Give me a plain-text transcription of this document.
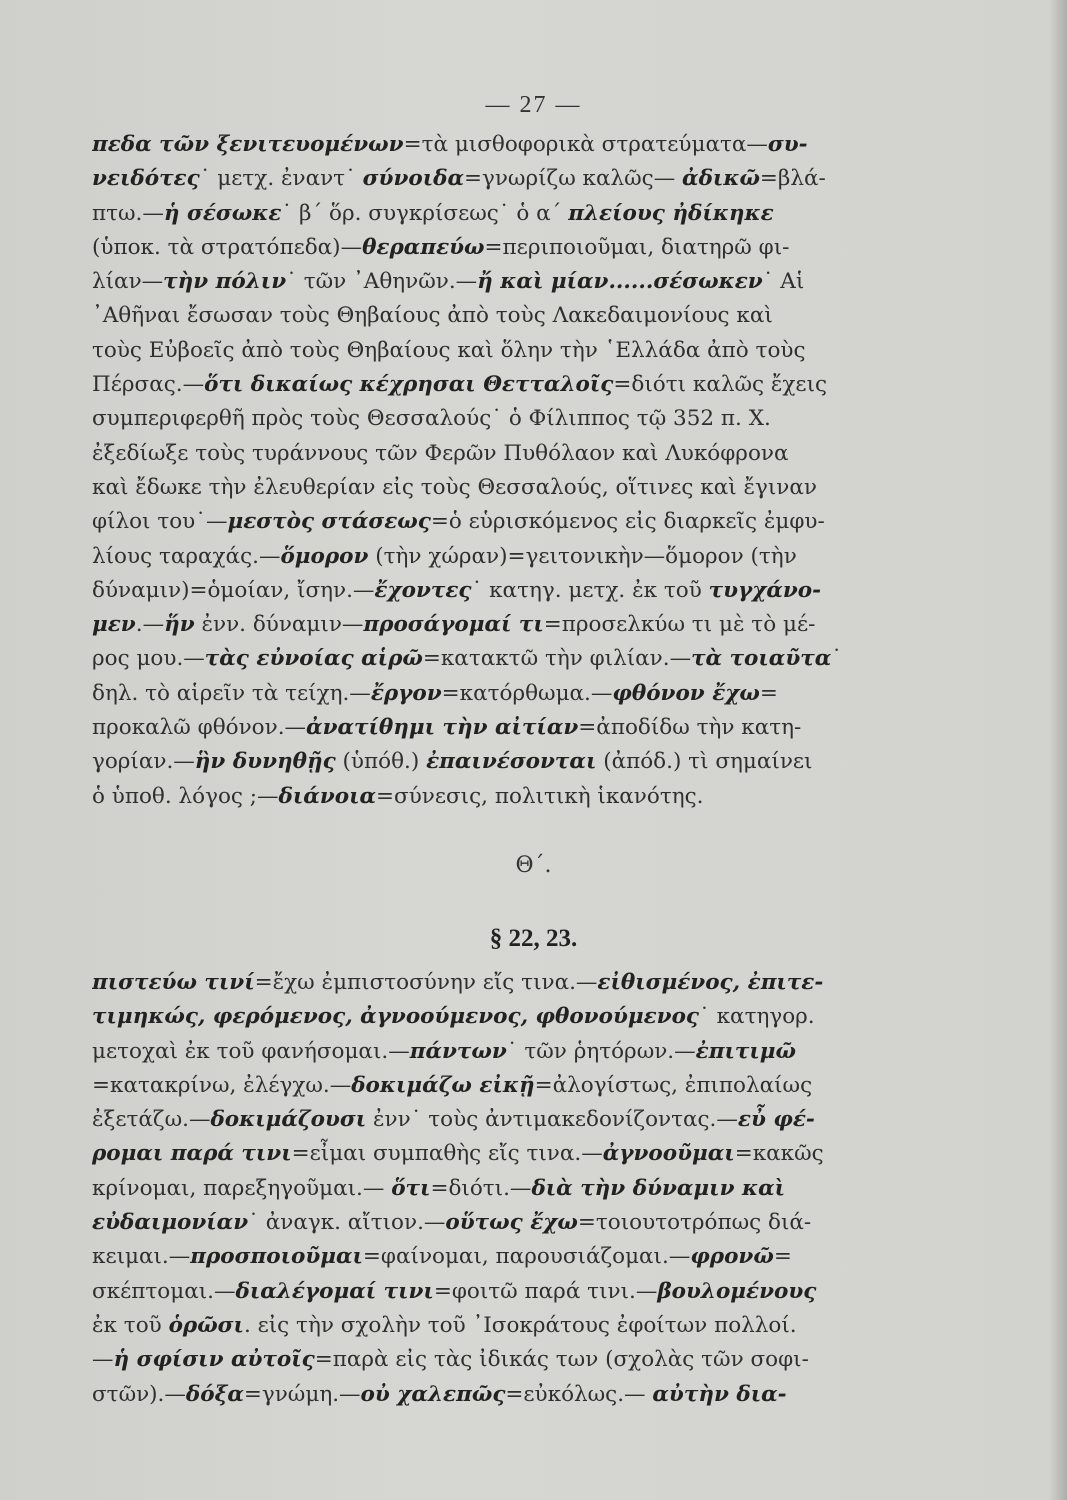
— 27 —
πεδα τῶν ξενιτευομένων=τὰ μισθοφορικὰ στρατεύματα—συ-
νειδότες˙ μετχ. ἐναντ˙ σύνοιδα=γνωρίζω καλῶς— ἀδικῶ=βλά-
πτω.—ἡ σέσωκε˙ β΄ ὅρ. συγκρίσεως˙ ὁ α΄ πλείους ἠδίκηκε
(ὑποκ. τὰ στρατόπεδα)—θεραπεύω=περιποιοῦμαι, διατηρῶ φι-
λίαν—τὴν πόλιν˙ τῶν ᾽Αθηνῶν.—ἤ καὶ μίαν......σέσωκεν˙ Αἱ
᾽Αθῆναι ἔσωσαν τοὺς Θηβαίους ἀπὸ τοὺς Λακεδαιμονίους καὶ
τοὺς Εὐβοεῖς ἀπὸ τοὺς Θηβαίους καὶ ὅλην τὴν ῾Ελλάδα ἀπὸ τοὺς
Πέρσας.—ὅτι δικαίως κέχρησαι Θετταλοῖς=διότι καλῶς ἔχεις
συμπεριφερθῆ πρὸς τοὺς Θεσσαλούς˙ ὁ Φίλιππος τῷ 352 π. Χ.
ἐξεδίωξε τοὺς τυράννους τῶν Φερῶν Πυθόλαον καὶ Λυκόφρονα
καὶ ἔδωκε τὴν ἐλευθερίαν εἰς τοὺς Θεσσαλούς, οἵτινες καὶ ἔγιναν
φίλοι του˙—μεστὸς στάσεως=ὁ εὑρισκόμενος εἰς διαρκεῖς ἐμφυ-
λίους ταραχάς.—ὅμορον (τὴν χώραν)=γειτονικὴν—ὅμορον (τὴν
δύναμιν)=ὁμοίαν, ἴσην.—ἔχοντες˙ κατηγ. μετχ. ἐκ τοῦ τυγχάνο-
μεν.—ἥν ἐνν. δύναμιν—προσάγομαί τι=προσελκύω τι μὲ τὸ μέ-
ρος μου.—τὰς εὐνοίας αἱρῶ=κατακτῶ τὴν φιλίαν.—τὰ τοιαῦτα˙
δηλ. τὸ αἱρεῖν τὰ τείχη.—ἔργον=κατόρθωμα.—φθόνον ἔχω=
προκαλῶ φθόνον.—ἀνατίθημι τὴν αἰτίαν=ἀποδίδω τὴν κατη-
γορίαν.—ἣν δυνηθῇς (ὑπόθ.) ἐπαινέσονται (ἀπόδ.) τὶ σημαίνει
ὁ ὑποθ. λόγος ;—διάνοια=σύνεσις, πολιτικὴ ἱκανότης.
Θ΄.
§ 22, 23.
πιστεύω τινί=ἔχω ἐμπιστοσύνην εἴς τινα.—εἰθισμένος, ἐπιτε-
τιμηκώς, φερόμενος, ἀγνοούμενος, φθονούμενος˙ κατηγορ.
μετοχαὶ ἐκ τοῦ φανήσομαι.—πάντων˙ τῶν ῥητόρων.—ἐπιτιμῶ
=κατακρίνω, ἐλέγχω.—δοκιμάζω εἰκῇ=ἀλογίστως, ἐπιπολαίως
ἐξετάζω.—δοκιμάζουσι ἐνν˙ τοὺς ἀντιμακεδονίζοντας.—εὖ φέ-
ρομαι παρά τινι=εἶμαι συμπαθὴς εἴς τινα.—ἀγνοοῦμαι=κακῶς
κρίνομαι, παρεξηγοῦμαι.— ὅτι=διότι.—διὰ τὴν δύναμιν καὶ
εὐδαιμονίαν˙ ἀναγκ. αἴτιον.—οὕτως ἔχω=τοιουτοτρόπως διά-
κειμαι.—προσποιοῦμαι=φαίνομαι, παρουσιάζομαι.—φρονῶ=
σκέπτομαι.—διαλέγομαί τινι=φοιτῶ παρά τινι.—βουλομένους
ἐκ τοῦ ὁρῶσι. εἰς τὴν σχολὴν τοῦ ᾽Ισοκράτους ἐφοίτων πολλοί.
—ἡ σφίσιν αὐτοῖς=παρὰ εἰς τὰς ἰδικάς των (σχολὰς τῶν σοφι-
στῶν).—δόξα=γνώμη.—οὐ χαλεπῶς=εὐκόλως.— αὐτὴν δια-
